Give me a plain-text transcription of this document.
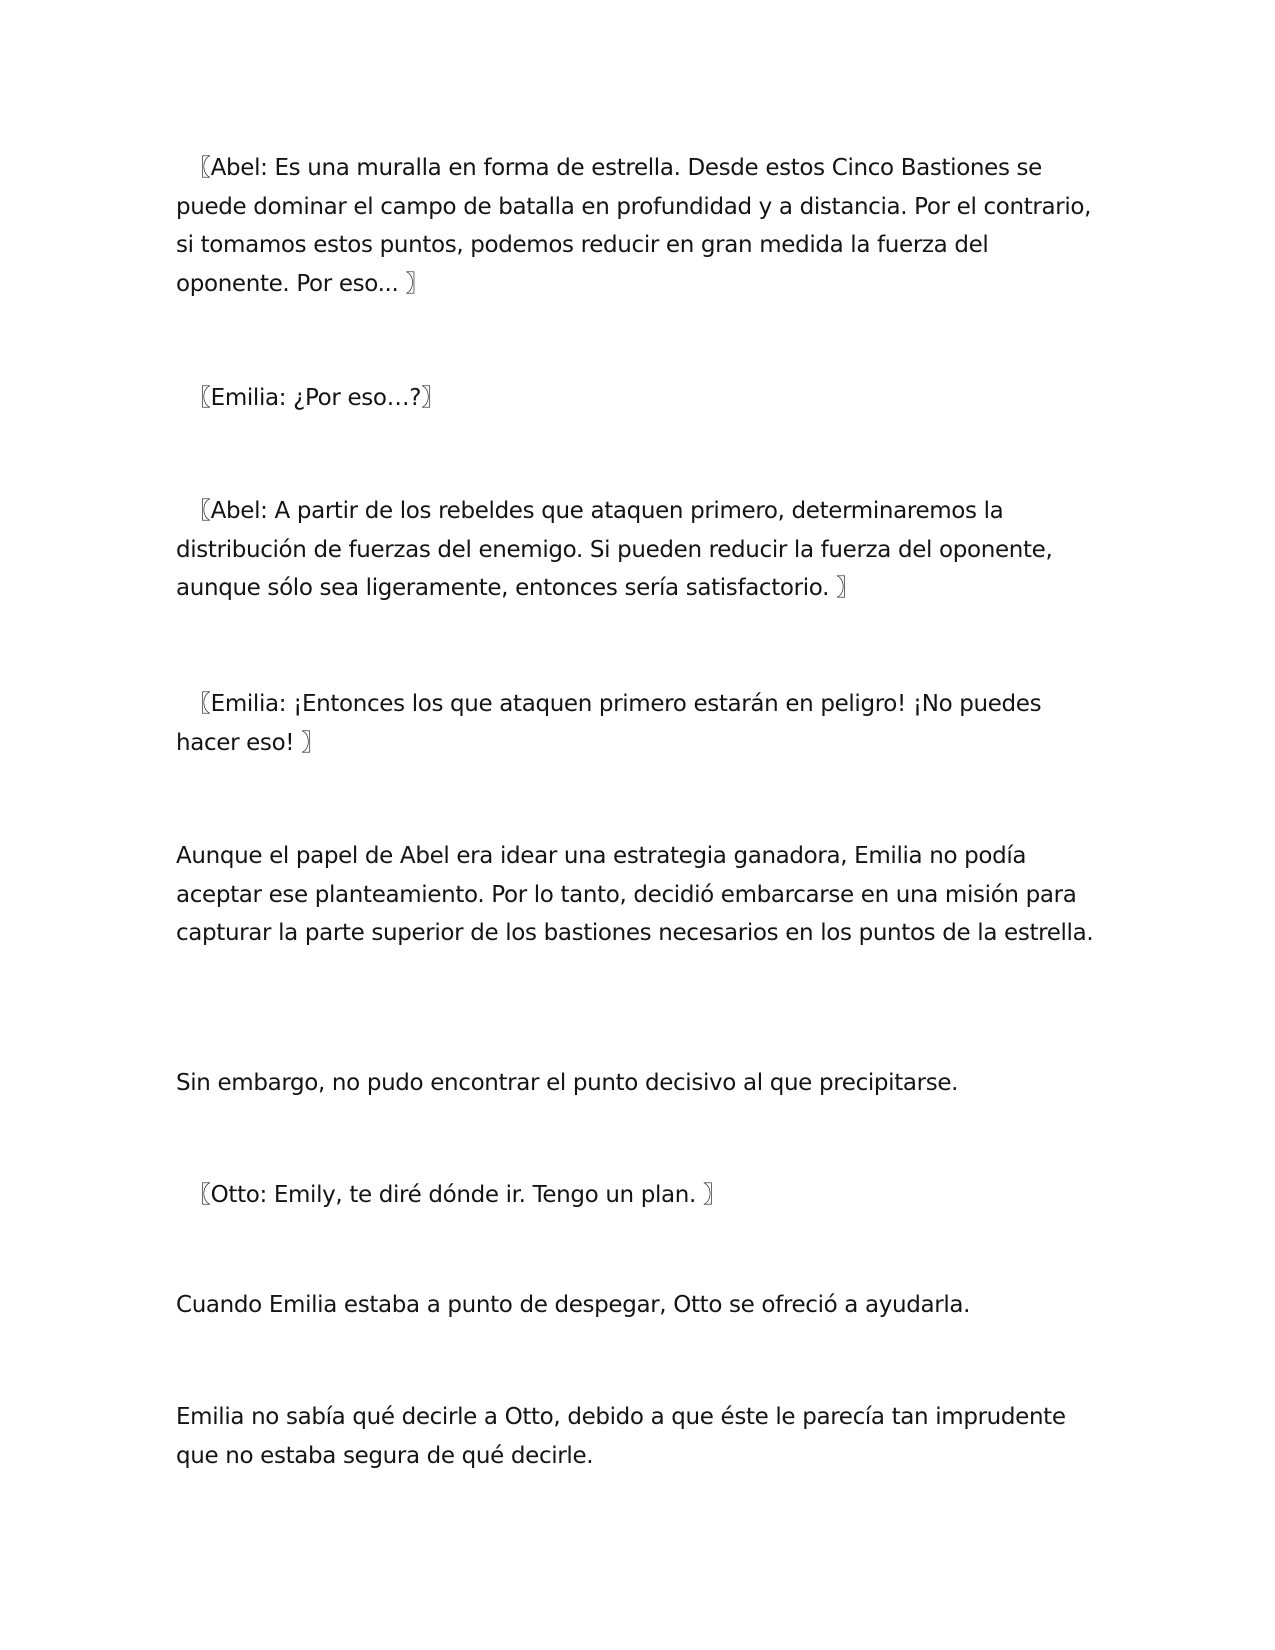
〖Abel: Es una muralla en forma de estrella. Desde estos Cinco Bastiones se puede dominar el campo de batalla en profundidad y a distancia. Por el contrario, si tomamos estos puntos, podemos reducir en gran medida la fuerza del oponente. Por eso... 〗

〖Emilia: ¿Por eso…?〗

〖Abel: A partir de los rebeldes que ataquen primero, determinaremos la distribución de fuerzas del enemigo. Si pueden reducir la fuerza del oponente, aunque sólo sea ligeramente, entonces sería satisfactorio. 〗

〖Emilia: ¡Entonces los que ataquen primero estarán en peligro! ¡No puedes hacer eso! 〗

Aunque el papel de Abel era idear una estrategia ganadora, Emilia no podía aceptar ese planteamiento. Por lo tanto, decidió embarcarse en una misión para capturar la parte superior de los bastiones necesarios en los puntos de la estrella.

Sin embargo, no pudo encontrar el punto decisivo al que precipitarse.

〖Otto: Emily, te diré dónde ir. Tengo un plan. 〗

Cuando Emilia estaba a punto de despegar, Otto se ofreció a ayudarla.

Emilia no sabía qué decirle a Otto, debido a que éste le parecía tan imprudente que no estaba segura de qué decirle.
